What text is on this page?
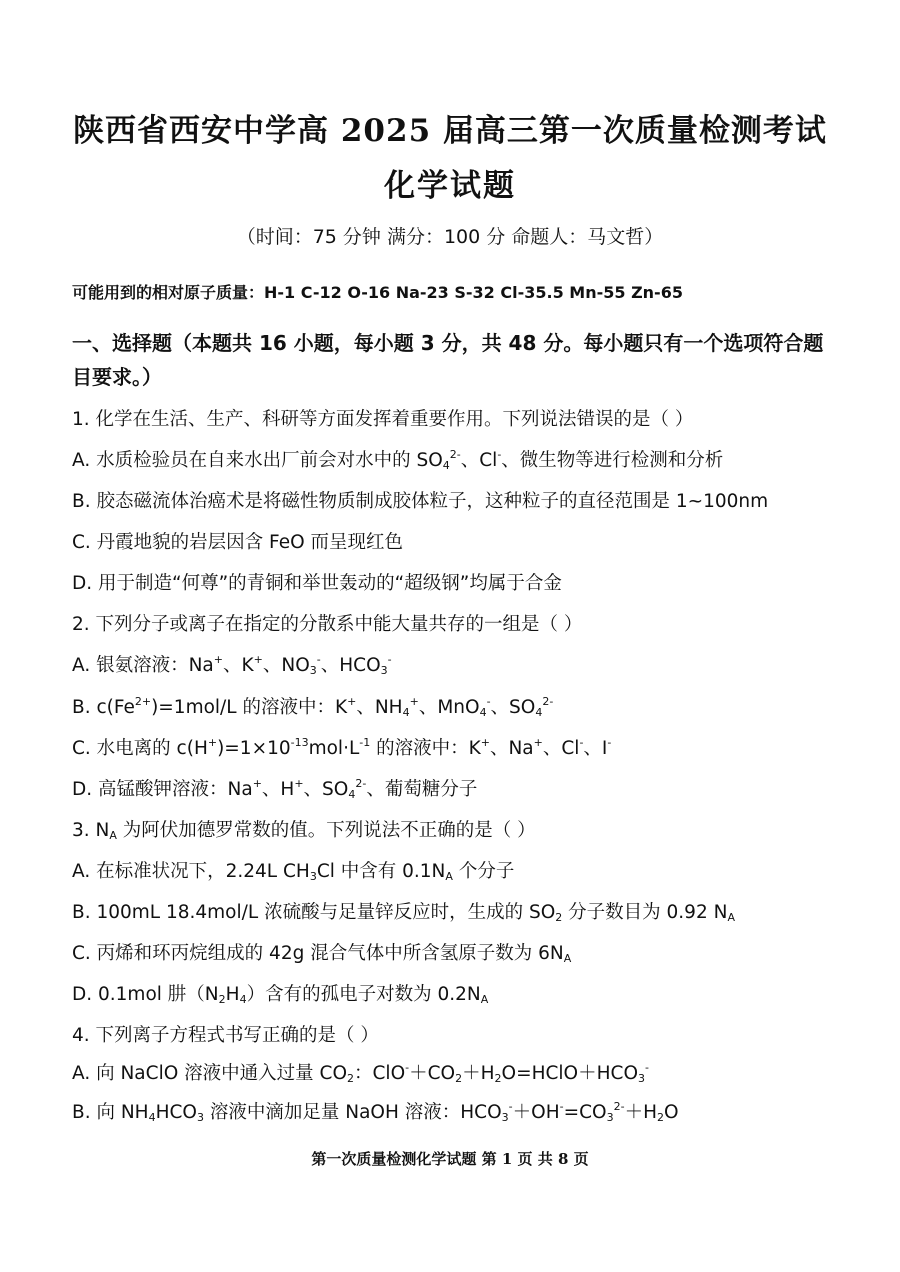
陕西省西安中学高 2025 届高三第一次质量检测考试
化学试题
（时间：75 分钟 满分：100 分 命题人：马文哲）
可能用到的相对原子质量：H-1 C-12 O-16 Na-23 S-32 Cl-35.5 Mn-55 Zn-65
一、选择题（本题共 16 小题，每小题 3 分，共 48 分。每小题只有一个选项符合题目要求。）
1. 化学在生活、生产、科研等方面发挥着重要作用。下列说法错误的是（ ）
A. 水质检验员在自来水出厂前会对水中的 $SO_4^{2-}$、Cl-、微生物等进行检测和分析
B. 胶态磁流体治癌术是将磁性物质制成胶体粒子，这种粒子的直径范围是 1~100nm
C. 丹霞地貌的岩层因含 FeO 而呈现红色
D. 用于制造“何尊”的青铜和举世轰动的“超级钢”均属于合金
2. 下列分子或离子在指定的分散系中能大量共存的一组是（ ）
A. 银氨溶液：Na+、K+、$NO_3^-$、$HCO_3^-$
B. $c(Fe^{2+})=1mol/L$ 的溶液中：K+、$NH_4^+$、MnO$_4$-、$SO_4^{2-}$
C. 水电离的 $c(H^+)=1\times 10^{-13}mol\cdot L^{-1}$ 的溶液中：K+、Na+、Cl-、I-
D. 高锰酸钾溶液：Na+、H+、$SO_4^{2-}$、葡萄糖分子
3. $N_A$ 为阿伏加德罗常数的值。下列说法不正确的是（ ）
A. 在标准状况下，2.24L $CH_3Cl$ 中含有 $0.1N_A$ 个分子
B. 100mL 18.4mol/L 浓硫酸与足量锌反应时，生成的 $SO_2$ 分子数目为 0.92 $N_A$
C. 丙烯和环丙烷组成的 42g 混合气体中所含氢原子数为 $6N_A$
D. 0.1mol 肼$(N_2H_4)$含有的孤电子对数为 $0.2N_A$
4. 下列离子方程式书写正确的是（ ）
A. 向 NaClO 溶液中通入过量 $CO_2$：$ClO^-+CO_2+H_2O=HClO+HCO_3^-$
B. 向 $NH_4HCO_3$ 溶液中滴加足量 NaOH 溶液：$HCO_3^-+OH^-=CO_3^{2-}+H_2O$
第一次质量检测化学试题 第 1 页 共 8 页
